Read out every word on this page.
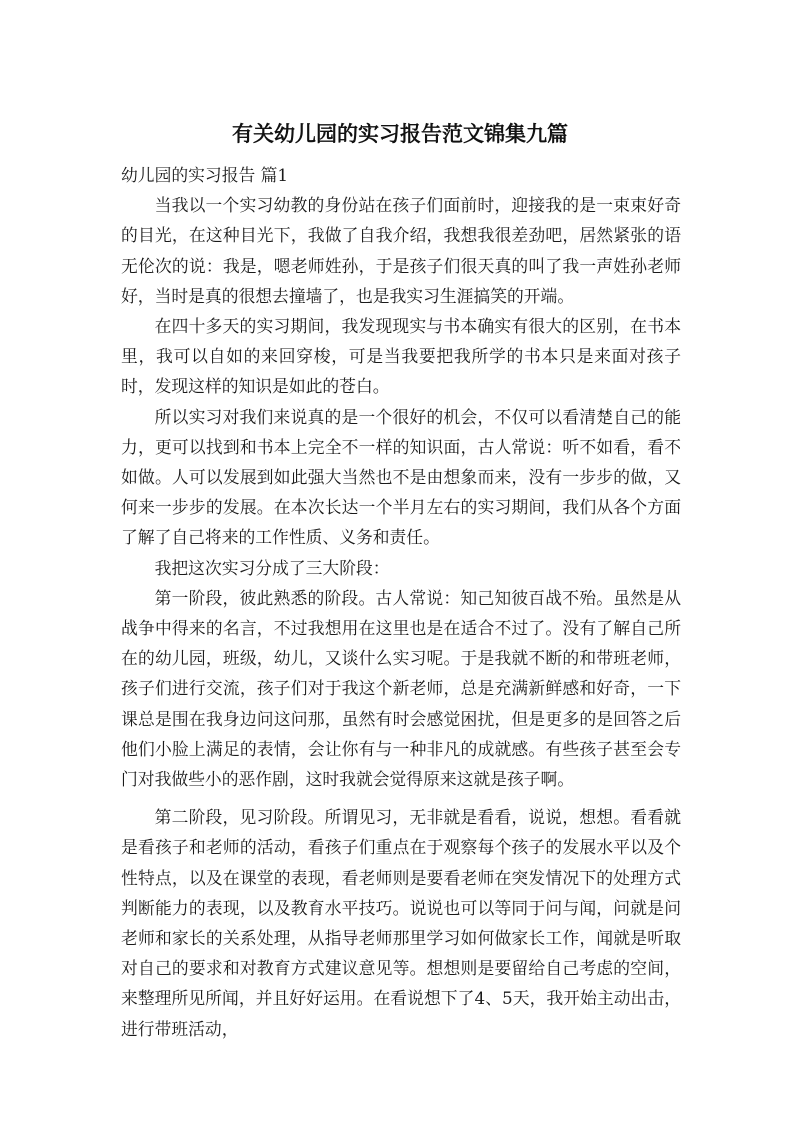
有关幼儿园的实习报告范文锦集九篇

幼儿园的实习报告 篇1

当我以一个实习幼教的身份站在孩子们面前时，迎接我的是一束束好奇的目光，在这种目光下，我做了自我介绍，我想我很差劲吧，居然紧张的语无伦次的说：我是，嗯老师姓孙，于是孩子们很天真的叫了我一声姓孙老师好，当时是真的很想去撞墙了，也是我实习生涯搞笑的开端。

在四十多天的实习期间，我发现现实与书本确实有很大的区别，在书本里，我可以自如的来回穿梭，可是当我要把我所学的书本只是来面对孩子时，发现这样的知识是如此的苍白。

所以实习对我们来说真的是一个很好的机会，不仅可以看清楚自己的能力，更可以找到和书本上完全不一样的知识面，古人常说：听不如看，看不如做。人可以发展到如此强大当然也不是由想象而来，没有一步步的做，又何来一步步的发展。在本次长达一个半月左右的实习期间，我们从各个方面了解了自己将来的工作性质、义务和责任。

我把这次实习分成了三大阶段：

第一阶段，彼此熟悉的阶段。古人常说：知己知彼百战不殆。虽然是从战争中得来的名言，不过我想用在这里也是在适合不过了。没有了解自己所在的幼儿园，班级，幼儿，又谈什么实习呢。于是我就不断的和带班老师，孩子们进行交流，孩子们对于我这个新老师，总是充满新鲜感和好奇，一下课总是围在我身边问这问那，虽然有时会感觉困扰，但是更多的是回答之后他们小脸上满足的表情，会让你有与一种非凡的成就感。有些孩子甚至会专门对我做些小的恶作剧，这时我就会觉得原来这就是孩子啊。

第二阶段，见习阶段。所谓见习，无非就是看看，说说，想想。看看就是看孩子和老师的活动，看孩子们重点在于观察每个孩子的发展水平以及个性特点，以及在课堂的表现，看老师则是要看老师在突发情况下的处理方式判断能力的表现，以及教育水平技巧。说说也可以等同于问与闻，问就是问老师和家长的关系处理，从指导老师那里学习如何做家长工作，闻就是听取对自己的要求和对教育方式建议意见等。想想则是要留给自己考虑的空间，来整理所见所闻，并且好好运用。在看说想下了4、5天，我开始主动出击，进行带班活动，
